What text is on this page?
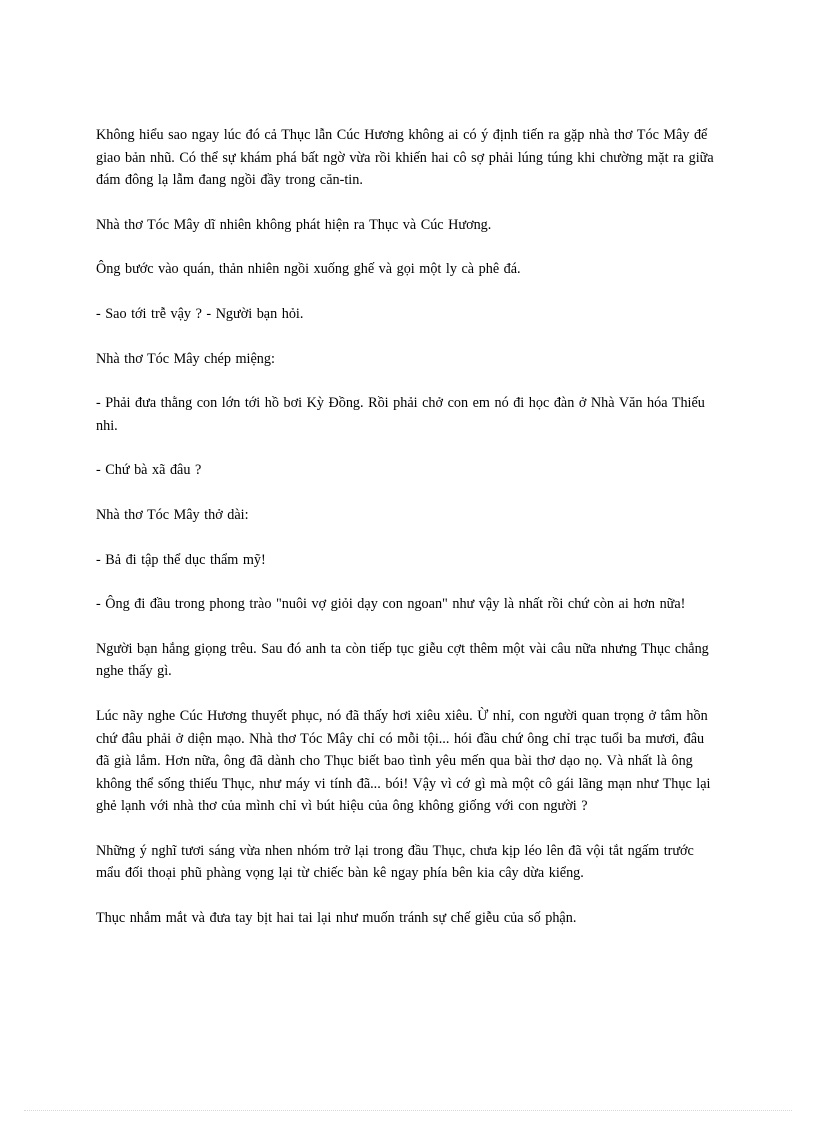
Không hiểu sao ngay lúc đó cả Thục lẫn Cúc Hương không ai có ý định tiến ra gặp nhà thơ Tóc Mây để giao bản nhũ. Có thể sự khám phá bất ngờ vừa rồi khiến hai cô sợ phải lúng túng khi chường mặt ra giữa đám đông lạ lẫm đang ngồi đầy trong căn-tin.

Nhà thơ Tóc Mây dĩ nhiên không phát hiện ra Thục và Cúc Hương.

Ông bước vào quán, thản nhiên ngồi xuống ghế và gọi một ly cà phê đá.

- Sao tới trễ vậy ? - Người bạn hỏi.

Nhà thơ Tóc Mây chép miệng:

- Phải đưa thằng con lớn tới hồ bơi Kỳ Đồng. Rồi phải chở con em nó đi học đàn ở Nhà Văn hóa Thiếu nhi.

- Chứ bà xã đâu ?

Nhà thơ Tóc Mây thở dài:

- Bả đi tập thể dục thẩm mỹ!

- Ông đi đầu trong phong trào "nuôi vợ giỏi dạy con ngoan" như vậy là nhất rồi chứ còn ai hơn nữa!

Người bạn hắng giọng trêu. Sau đó anh ta còn tiếp tục giễu cợt thêm một vài câu nữa nhưng Thục chẳng nghe thấy gì.

Lúc nãy nghe Cúc Hương thuyết phục, nó đã thấy hơi xiêu xiêu. Ừ nhỉ, con người quan trọng ở tâm hồn chứ đâu phải ở diện mạo. Nhà thơ Tóc Mây chỉ có mỗi tội... hói đầu chứ ông chỉ trạc tuổi ba mươi, đâu đã già lắm. Hơn nữa, ông đã dành cho Thục biết bao tình yêu mến qua bài thơ dạo nọ. Và nhất là ông không thể sống thiếu Thục, như máy vi tính đã... bói! Vậy vì cớ gì mà một cô gái lãng mạn như Thục lại ghẻ lạnh với nhà thơ của mình chỉ vì bút hiệu của ông không giống với con người ?

Những ý nghĩ tươi sáng vừa nhen nhóm trở lại trong đầu Thục, chưa kịp léo lên đã vội tắt ngấm trước mẩu đối thoại phũ phàng vọng lại từ chiếc bàn kê ngay phía bên kia cây dừa kiểng.

Thục nhắm mắt và đưa tay bịt hai tai lại như muốn tránh sự chế giễu của số phận.
